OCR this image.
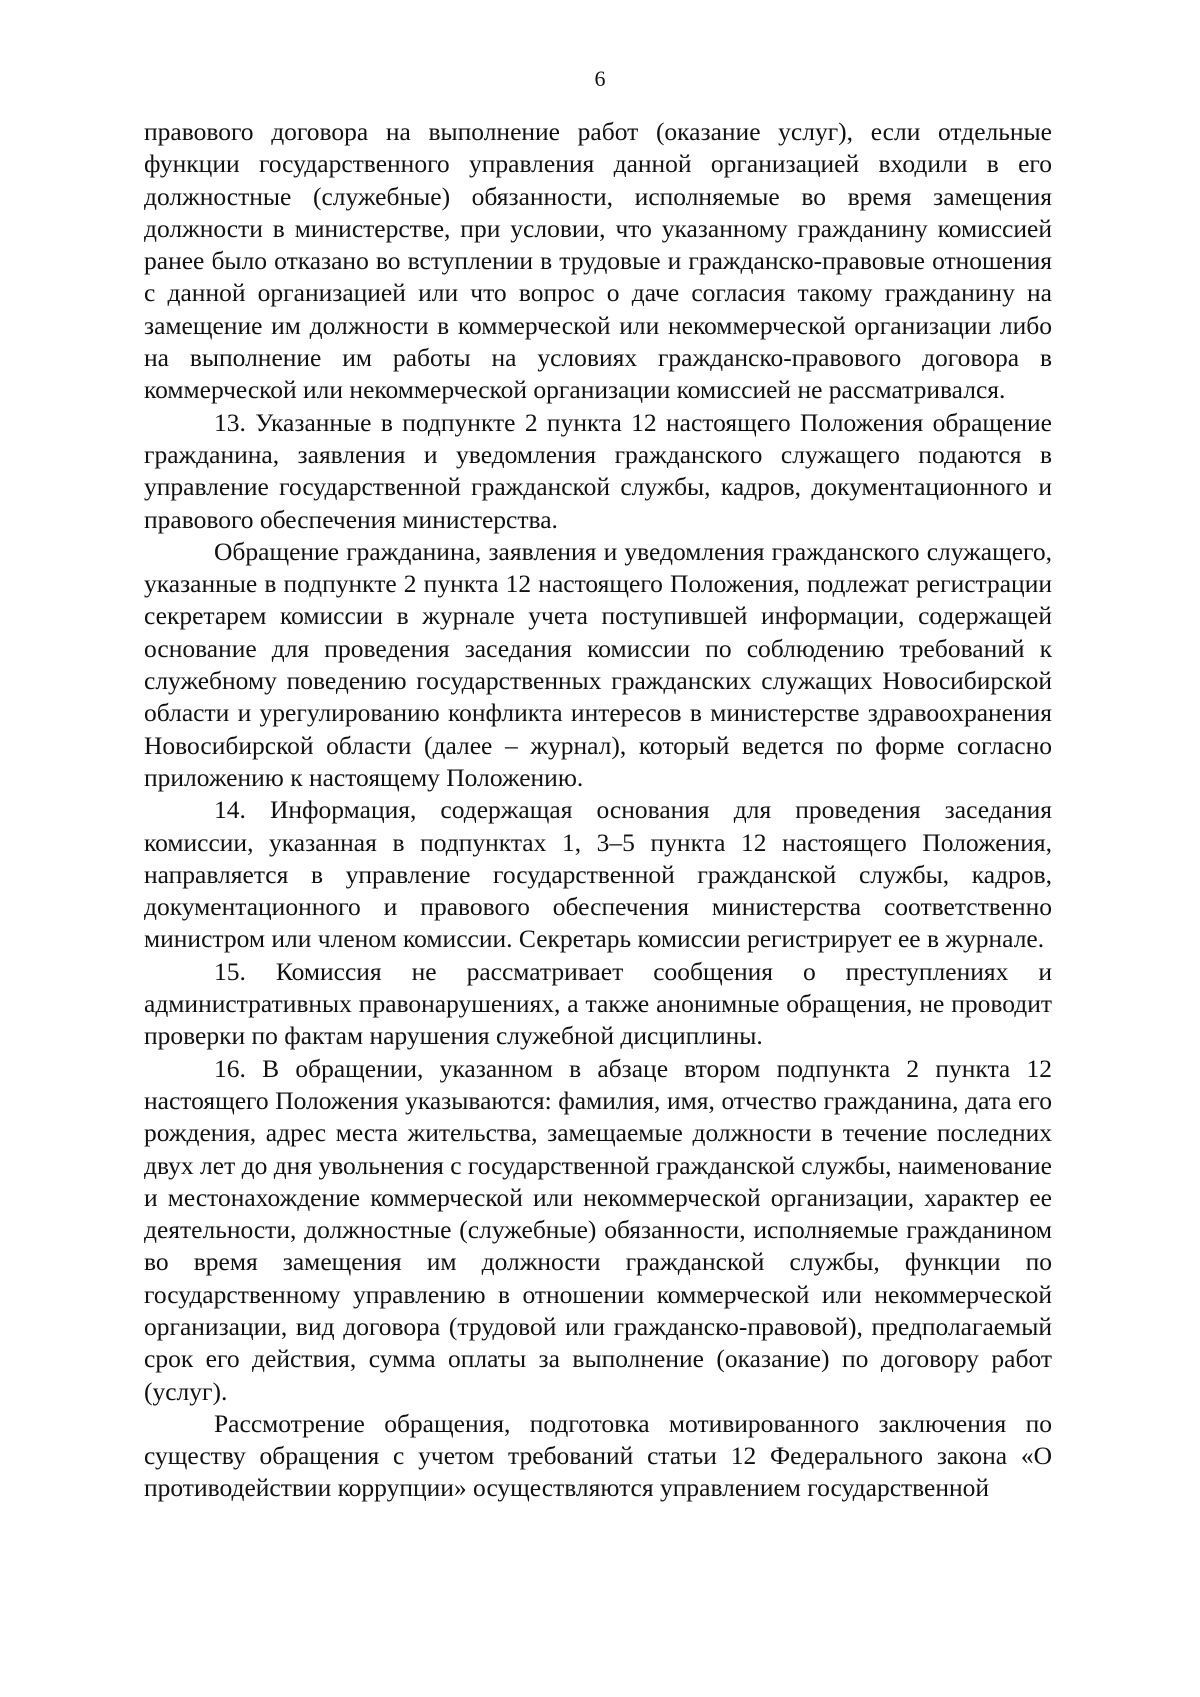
6

правового договора на выполнение работ (оказание услуг), если отдельные функции государственного управления данной организацией входили в его должностные (служебные) обязанности, исполняемые во время замещения должности в министерстве, при условии, что указанному гражданину комиссией ранее было отказано во вступлении в трудовые и гражданско-правовые отношения с данной организацией или что вопрос о даче согласия такому гражданину на замещение им должности в коммерческой или некоммерческой организации либо на выполнение им работы на условиях гражданско-правового договора в коммерческой или некоммерческой организации комиссией не рассматривался.

13. Указанные в подпункте 2 пункта 12 настоящего Положения обращение гражданина, заявления и уведомления гражданского служащего подаются в управление государственной гражданской службы, кадров, документационного и правового обеспечения министерства.

Обращение гражданина, заявления и уведомления гражданского служащего, указанные в подпункте 2 пункта 12 настоящего Положения, подлежат регистрации секретарем комиссии в журнале учета поступившей информации, содержащей основание для проведения заседания комиссии по соблюдению требований к служебному поведению государственных гражданских служащих Новосибирской области и урегулированию конфликта интересов в министерстве здравоохранения Новосибирской области (далее – журнал), который ведется по форме согласно приложению к настоящему Положению.

14. Информация, содержащая основания для проведения заседания комиссии, указанная в подпунктах 1, 3–5 пункта 12 настоящего Положения, направляется в управление государственной гражданской службы, кадров, документационного и правового обеспечения министерства соответственно министром или членом комиссии. Секретарь комиссии регистрирует ее в журнале.

15. Комиссия не рассматривает сообщения о преступлениях и административных правонарушениях, а также анонимные обращения, не проводит проверки по фактам нарушения служебной дисциплины.

16. В обращении, указанном в абзаце втором подпункта 2 пункта 12 настоящего Положения указываются: фамилия, имя, отчество гражданина, дата его рождения, адрес места жительства, замещаемые должности в течение последних двух лет до дня увольнения с государственной гражданской службы, наименование и местонахождение коммерческой или некоммерческой организации, характер ее деятельности, должностные (служебные) обязанности, исполняемые гражданином во время замещения им должности гражданской службы, функции по государственному управлению в отношении коммерческой или некоммерческой организации, вид договора (трудовой или гражданско-правовой), предполагаемый срок его действия, сумма оплаты за выполнение (оказание) по договору работ (услуг).

Рассмотрение обращения, подготовка мотивированного заключения по существу обращения с учетом требований статьи 12 Федерального закона «О противодействии коррупции» осуществляются управлением государственной
